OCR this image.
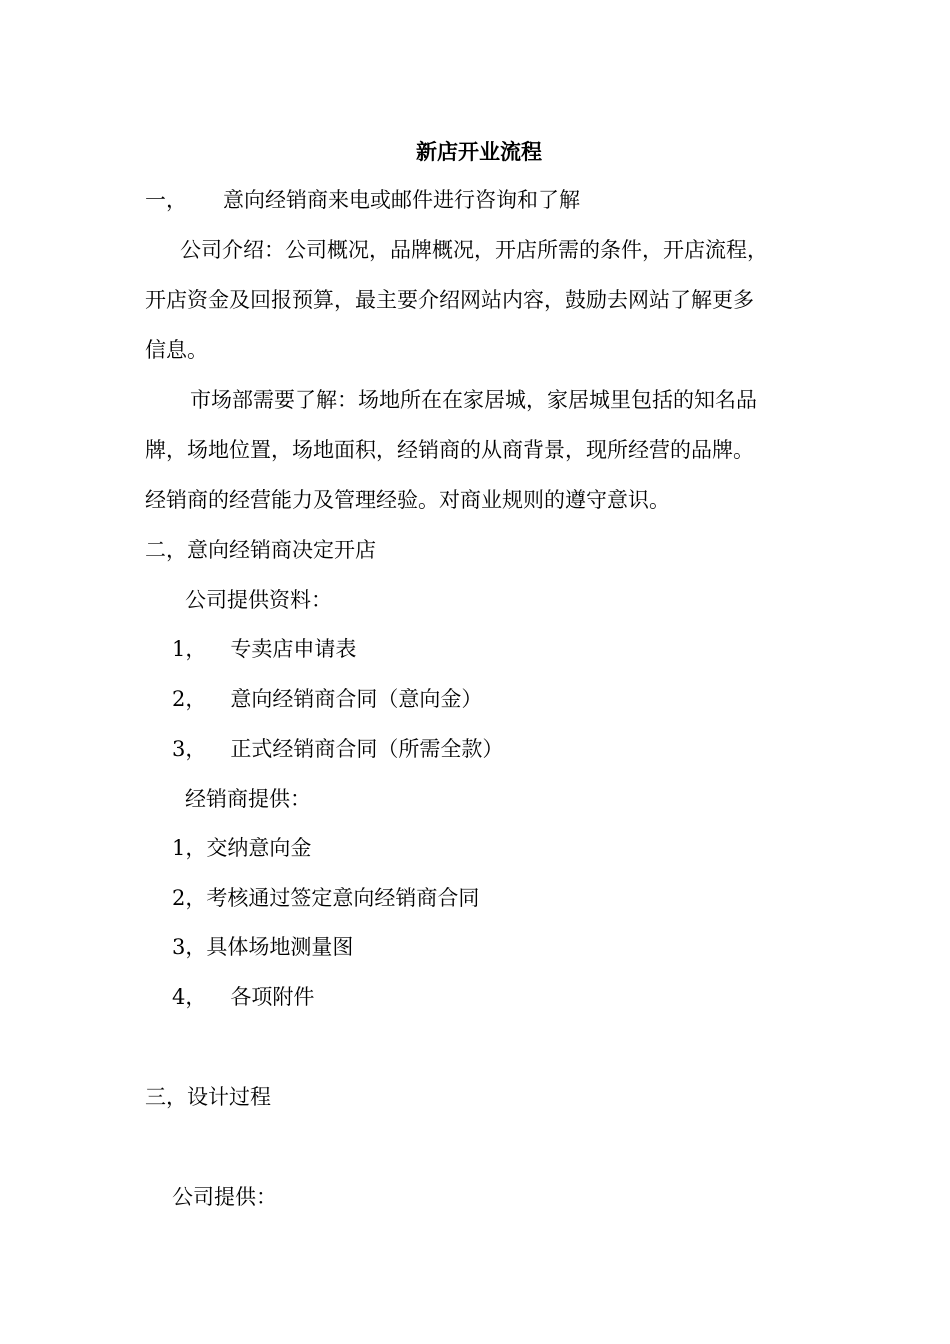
新店开业流程

一， 意向经销商来电或邮件进行咨询和了解

公司介绍：公司概况，品牌概况，开店所需的条件，开店流程，

开店资金及回报预算，最主要介绍网站内容，鼓励去网站了解更多

信息。

市场部需要了解：场地所在在家居城，家居城里包括的知名品

牌，场地位置，场地面积，经销商的从商背景，现所经营的品牌。

经销商的经营能力及管理经验。对商业规则的遵守意识。

二，意向经销商决定开店

公司提供资料：

1， 专卖店申请表

2， 意向经销商合同（意向金）

3， 正式经销商合同（所需全款）

经销商提供：

1，交纳意向金

2，考核通过签定意向经销商合同

3，具体场地测量图

4， 各项附件

三，设计过程

公司提供：
